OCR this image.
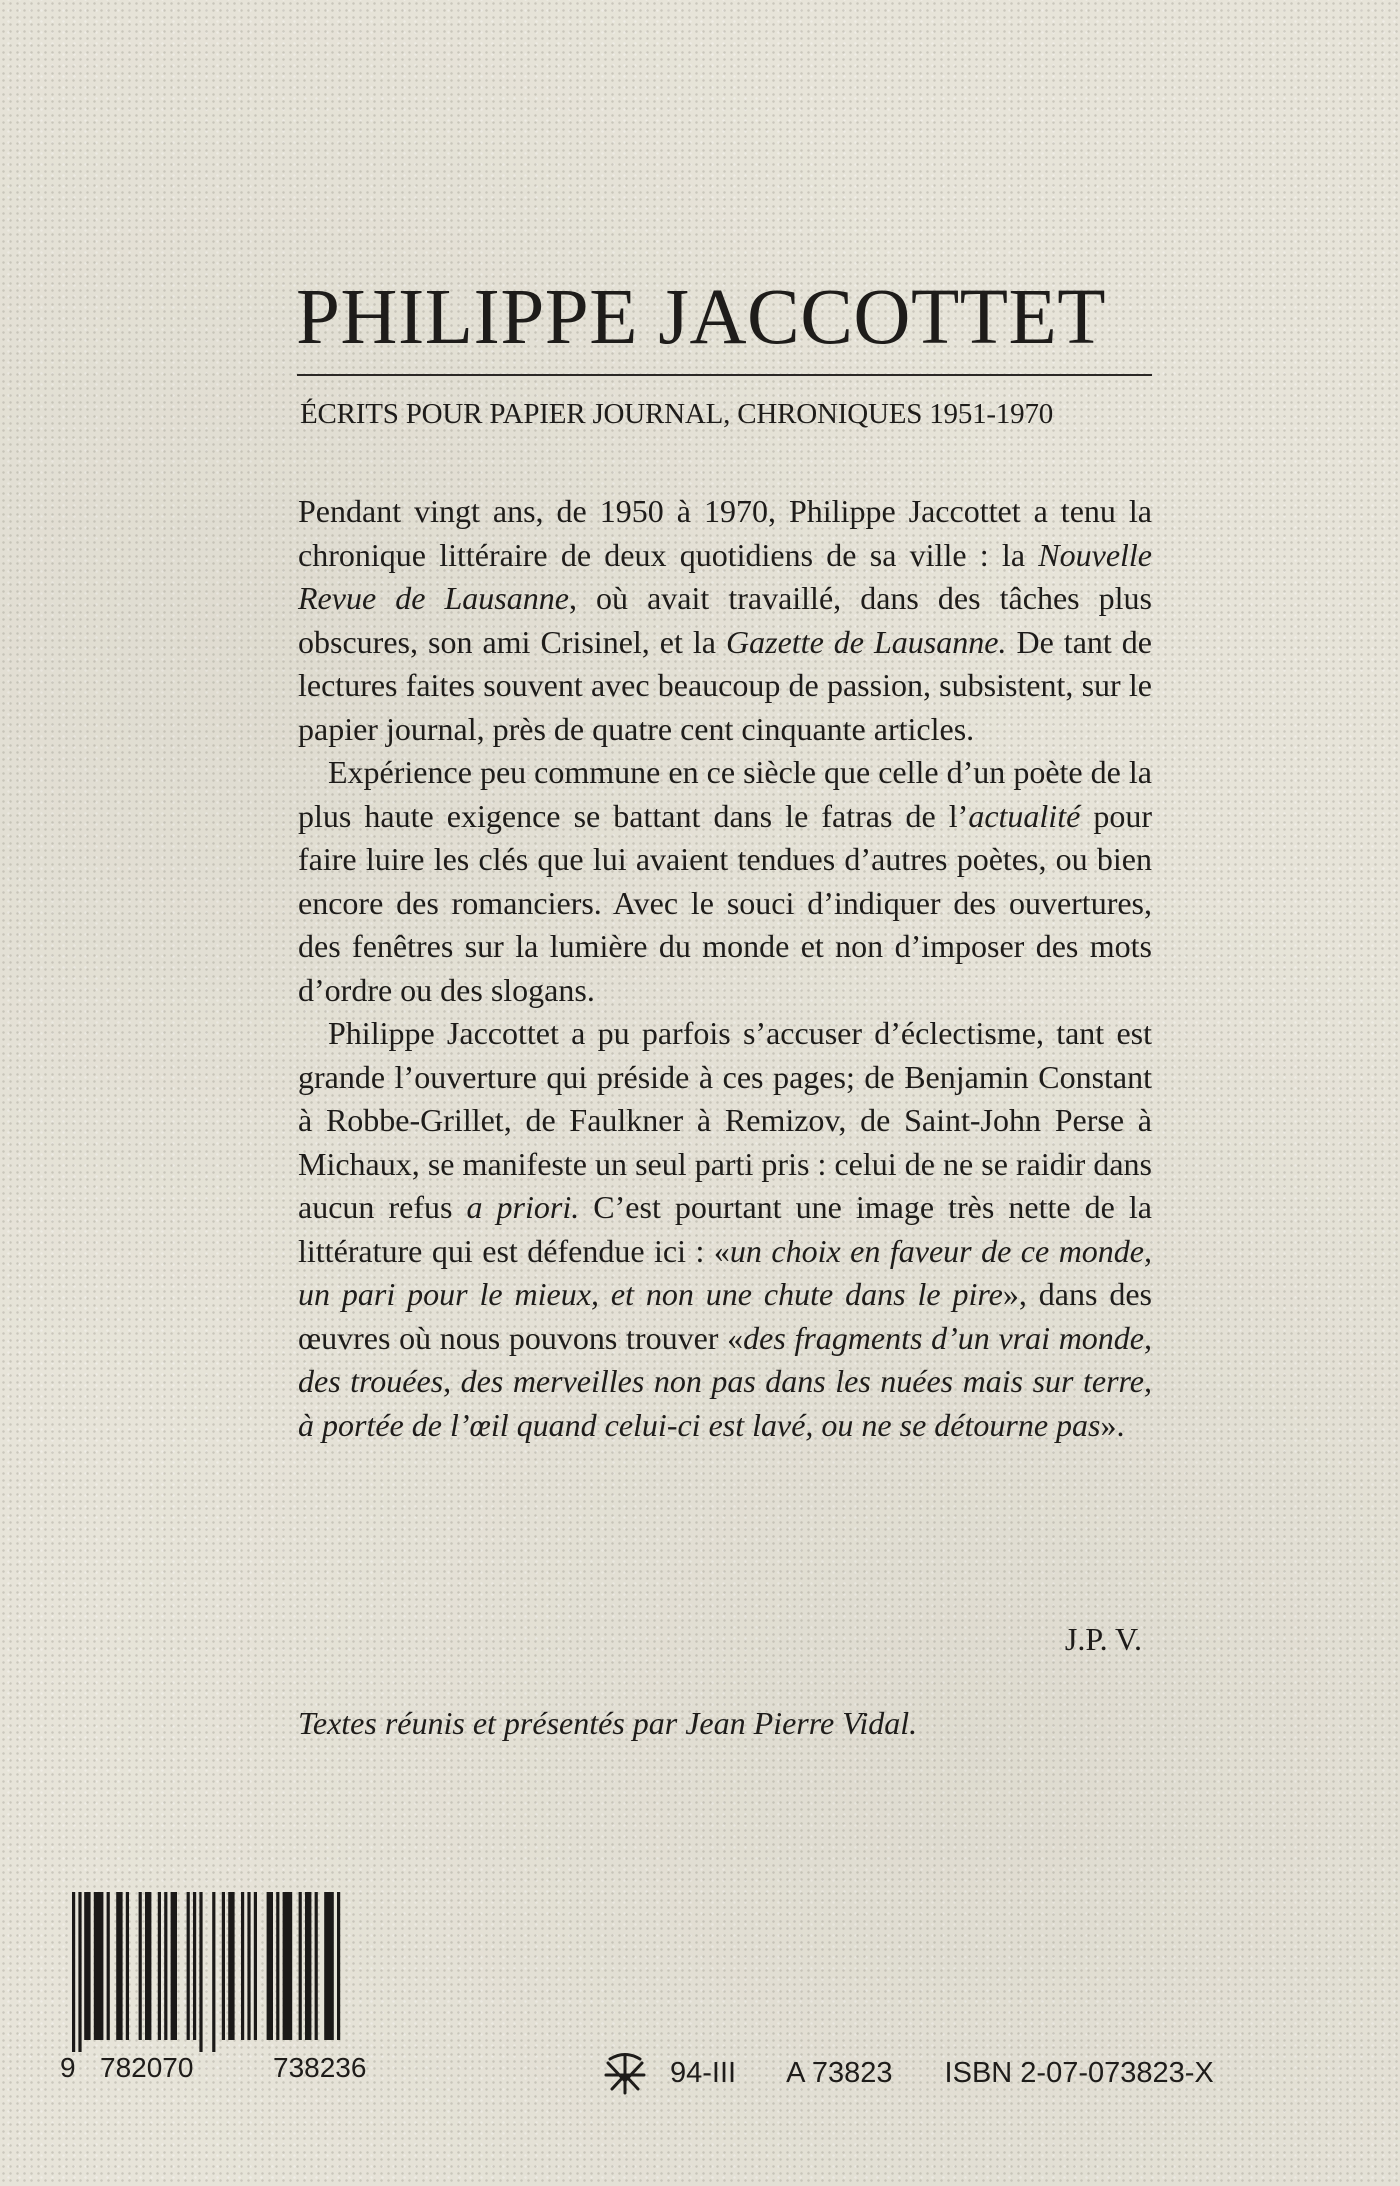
PHILIPPE JACCOTTET
ÉCRITS POUR PAPIER JOURNAL, CHRONIQUES 1951-1970

Pendant vingt ans, de 1950 à 1970, Philippe Jaccottet a tenu la chronique littéraire de deux quotidiens de sa ville : la Nouvelle Revue de Lausanne, où avait travaillé, dans des tâches plus obscures, son ami Crisinel, et la Gazette de Lausanne. De tant de lectures faites souvent avec beaucoup de passion, subsistent, sur le papier journal, près de quatre cent cinquante articles.

Expérience peu commune en ce siècle que celle d’un poète de la plus haute exigence se battant dans le fatras de l’actualité pour faire luire les clés que lui avaient tendues d’autres poètes, ou bien encore des romanciers. Avec le souci d’indiquer des ouvertures, des fenêtres sur la lumière du monde et non d’imposer des mots d’ordre ou des slogans.

Philippe Jaccottet a pu parfois s’accuser d’éclectisme, tant est grande l’ouverture qui préside à ces pages; de Benjamin Constant à Robbe-Grillet, de Faulkner à Remizov, de Saint-John Perse à Michaux, se manifeste un seul parti pris : celui de ne se raidir dans aucun refus a priori. C’est pourtant une image très nette de la littérature qui est défendue ici : «un choix en faveur de ce monde, un pari pour le mieux, et non une chute dans le pire», dans des œuvres où nous pouvons trouver «des fragments d’un vrai monde, des trouées, des merveilles non pas dans les nuées mais sur terre, à portée de l’œil quand celui-ci est lavé, ou ne se détourne pas».

J.P. V.
Textes réunis et présentés par Jean Pierre Vidal.
9 782070	738236	94-III A 73823 ISBN 2-07-073823-X
